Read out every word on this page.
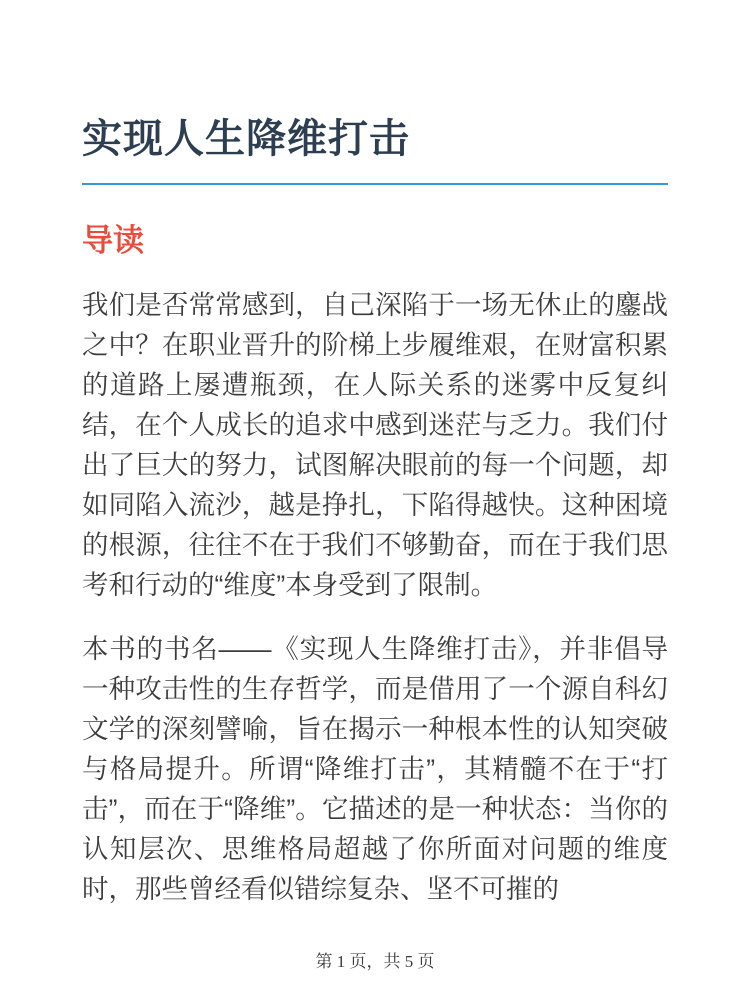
实现人生降维打击
导读

我们是否常常感到，自己深陷于一场无休止的鏖战之中？在职业晋升的阶梯上步履维艰，在财富积累的道路上屡遭瓶颈，在人际关系的迷雾中反复纠结，在个人成长的追求中感到迷茫与乏力。我们付出了巨大的努力，试图解决眼前的每一个问题，却如同陷入流沙，越是挣扎，下陷得越快。这种困境的根源，往往不在于我们不够勤奋，而在于我们思考和行动的“维度”本身受到了限制。

本书的书名——《实现人生降维打击》，并非倡导一种攻击性的生存哲学，而是借用了一个源自科幻文学的深刻譬喻，旨在揭示一种根本性的认知突破与格局提升。所谓“降维打击”，其精髓不在于“打击”，而在于“降维”。它描述的是一种状态：当你的认知层次、思维格局超越了你所面对问题的维度时，那些曾经看似错综复杂、坚不可摧的

第 1 页，共 5 页
